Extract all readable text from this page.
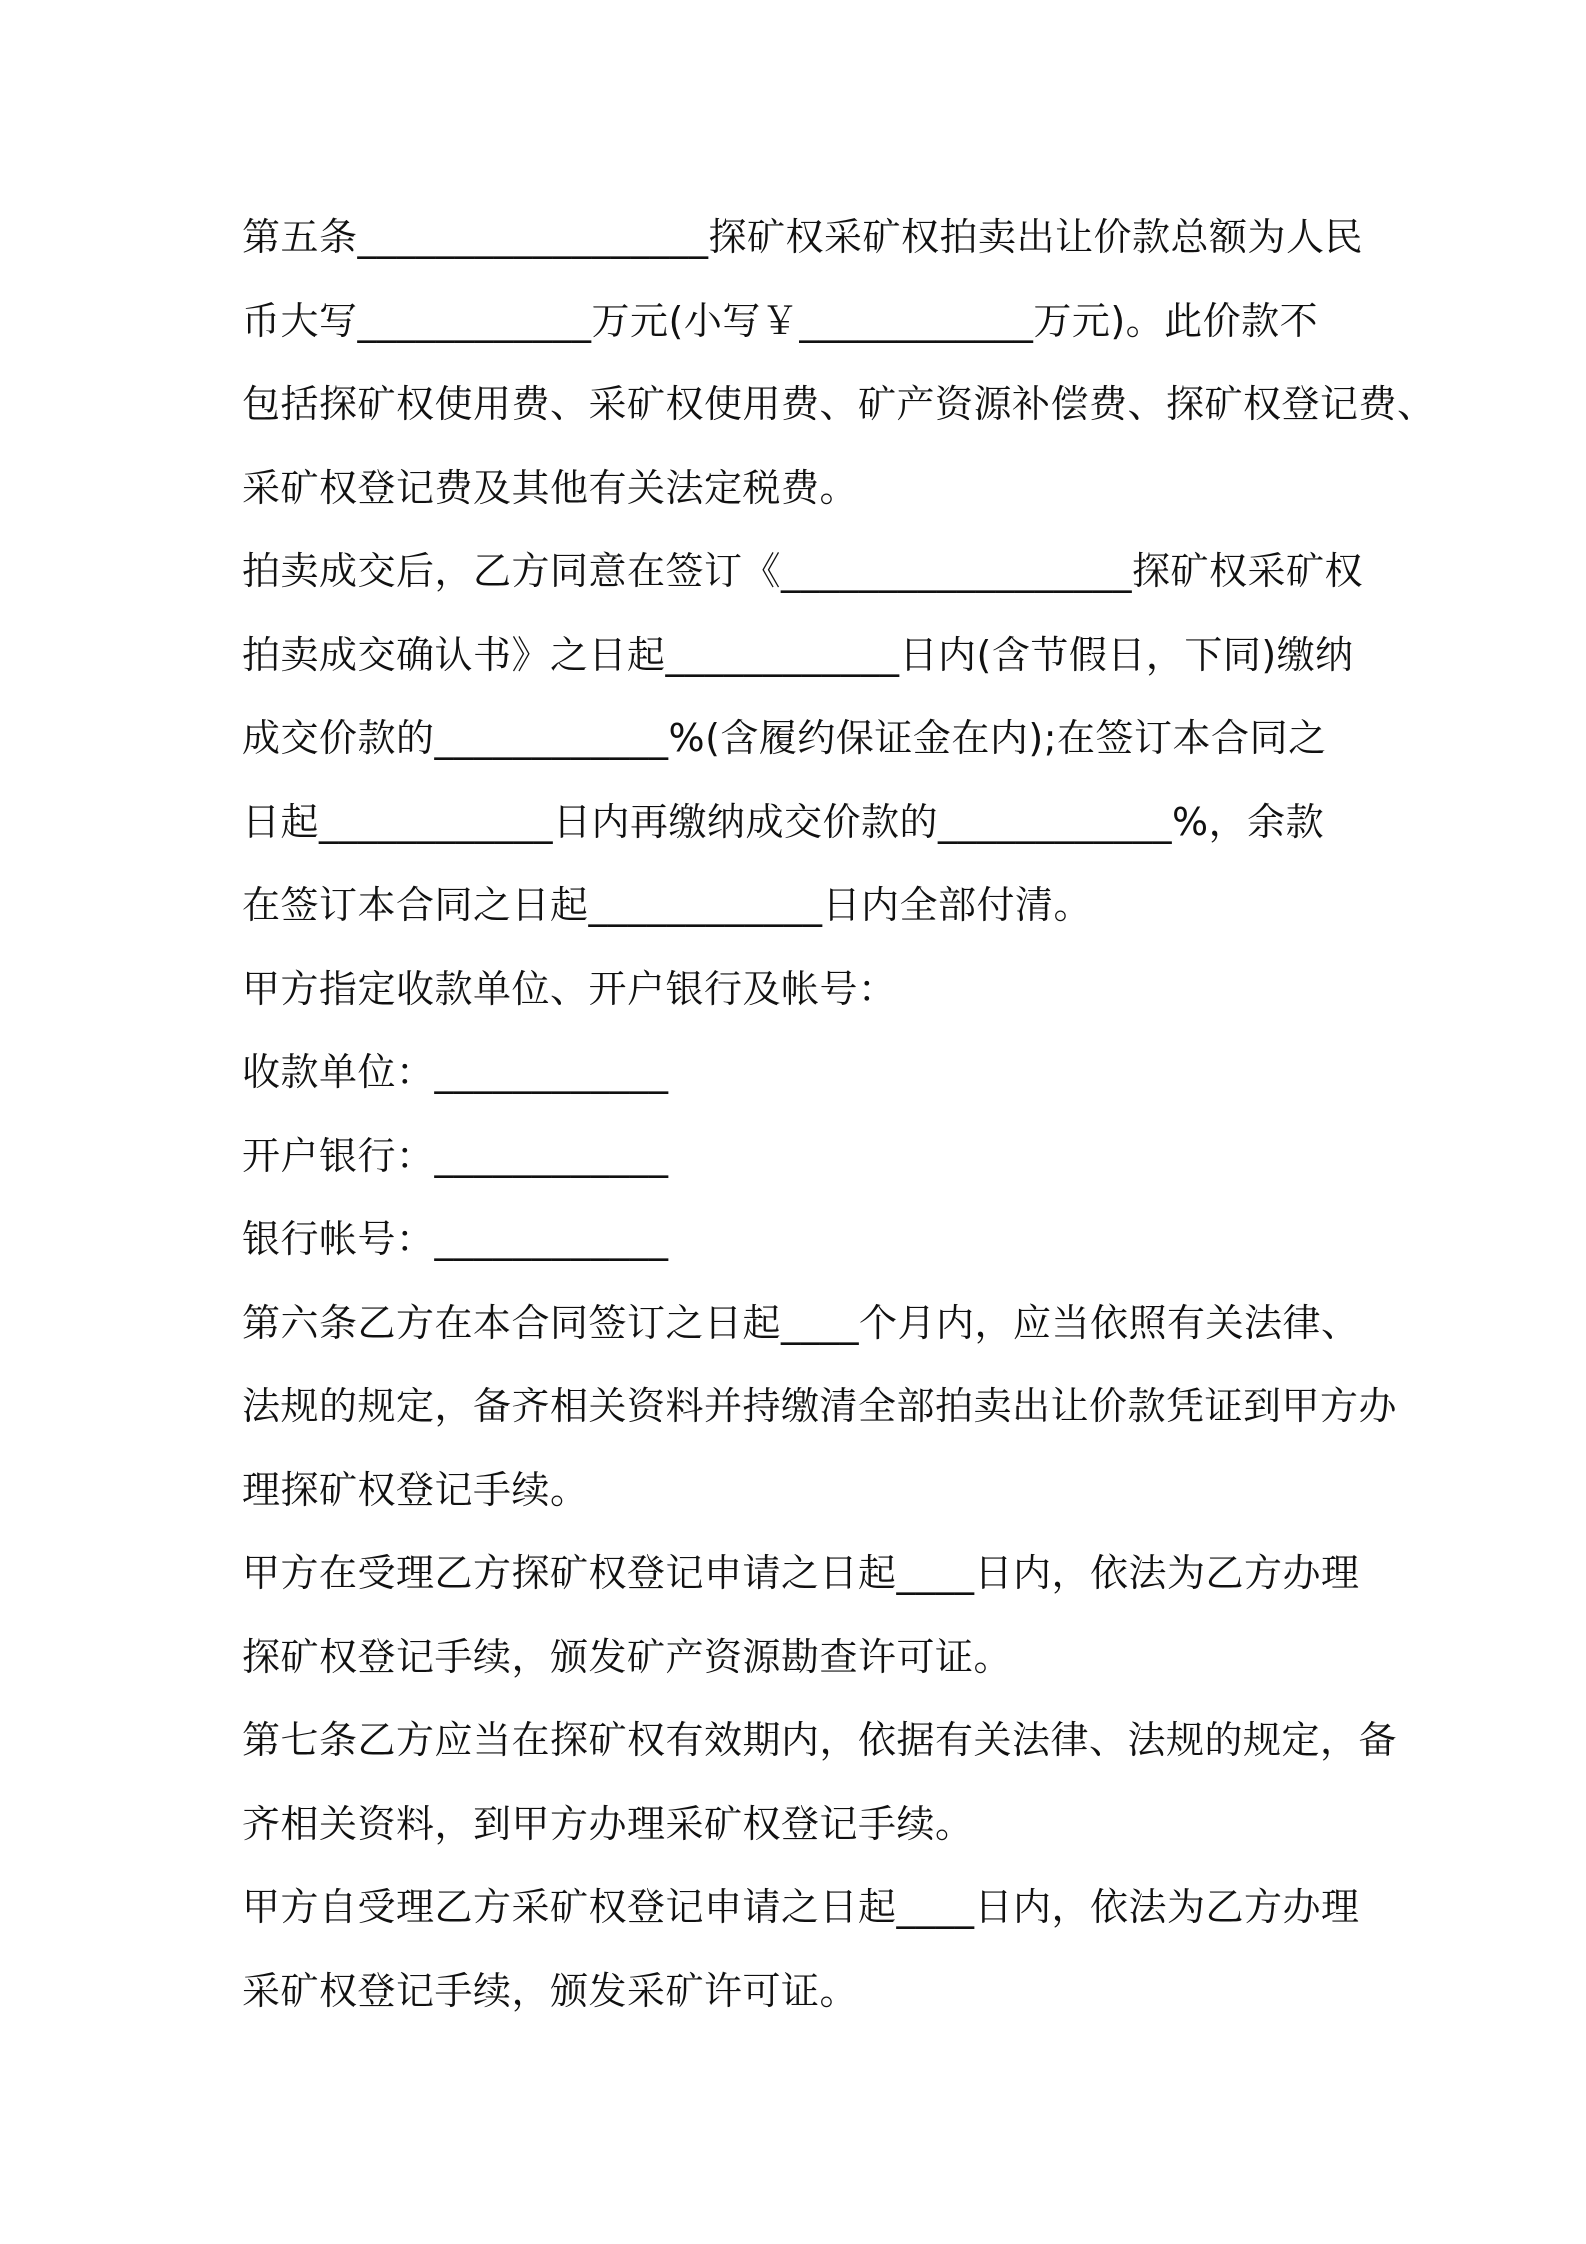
第五条__________________探矿权采矿权拍卖出让价款总额为人民
币大写____________万元(小写￥____________万元)。此价款不
包括探矿权使用费、采矿权使用费、矿产资源补偿费、探矿权登记费、
采矿权登记费及其他有关法定税费。
拍卖成交后，乙方同意在签订《__________________探矿权采矿权
拍卖成交确认书》之日起____________日内(含节假日，下同)缴纳
成交价款的____________%(含履约保证金在内);在签订本合同之
日起____________日内再缴纳成交价款的____________%，余款
在签订本合同之日起____________日内全部付清。
甲方指定收款单位、开户银行及帐号：
收款单位：____________
开户银行：____________
银行帐号：____________
第六条乙方在本合同签订之日起____个月内，应当依照有关法律、
法规的规定，备齐相关资料并持缴清全部拍卖出让价款凭证到甲方办
理探矿权登记手续。
甲方在受理乙方探矿权登记申请之日起____日内，依法为乙方办理
探矿权登记手续，颁发矿产资源勘查许可证。
第七条乙方应当在探矿权有效期内，依据有关法律、法规的规定，备
齐相关资料，到甲方办理采矿权登记手续。
甲方自受理乙方采矿权登记申请之日起____日内，依法为乙方办理
采矿权登记手续，颁发采矿许可证。
